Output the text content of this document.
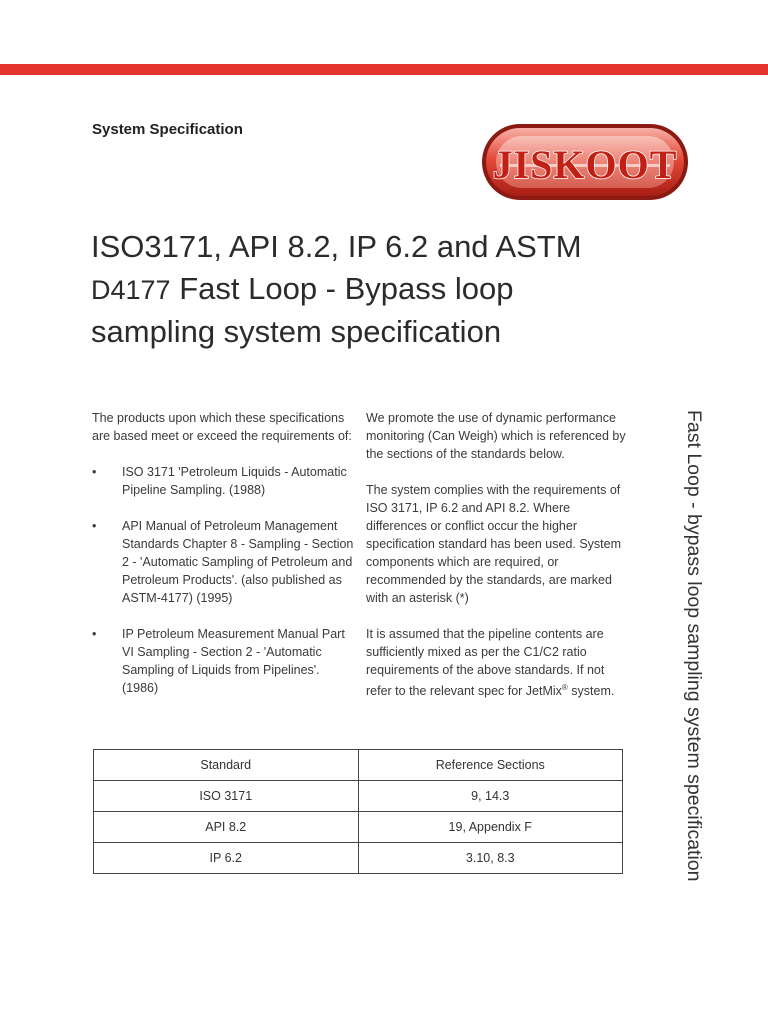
System Specification
JISKOOT
ISO3171, API 8.2, IP 6.2 and ASTM
D4177 Fast Loop - Bypass loop
sampling system specification

The products upon which these specifications are based meet or exceed the requirements of:

• ISO 3171 'Petroleum Liquids - Automatic Pipeline Sampling. (1988)
• API Manual of Petroleum Management Standards Chapter 8 - Sampling - Section 2 - 'Automatic Sampling of Petroleum and Petroleum Products'. (also published as ASTM-4177) (1995)
• IP Petroleum Measurement Manual Part VI Sampling - Section 2 - 'Automatic Sampling of Liquids from Pipelines'. (1986)

We promote the use of dynamic performance monitoring (Can Weigh) which is referenced by the sections of the standards below.

The system complies with the requirements of ISO 3171, IP 6.2 and API 8.2. Where differences or conflict occur the higher specification standard has been used. System components which are required, or recommended by the standards, are marked with an asterisk (*)

It is assumed that the pipeline contents are sufficiently mixed as per the C1/C2 ratio requirements of the above standards. If not refer to the relevant spec for JetMix® system.

Standard	Reference Sections
ISO 3171	9, 14.3
API 8.2	19, Appendix F
IP 6.2	3.10, 8.3	Fast Loop - bypass loop sampling system specification
